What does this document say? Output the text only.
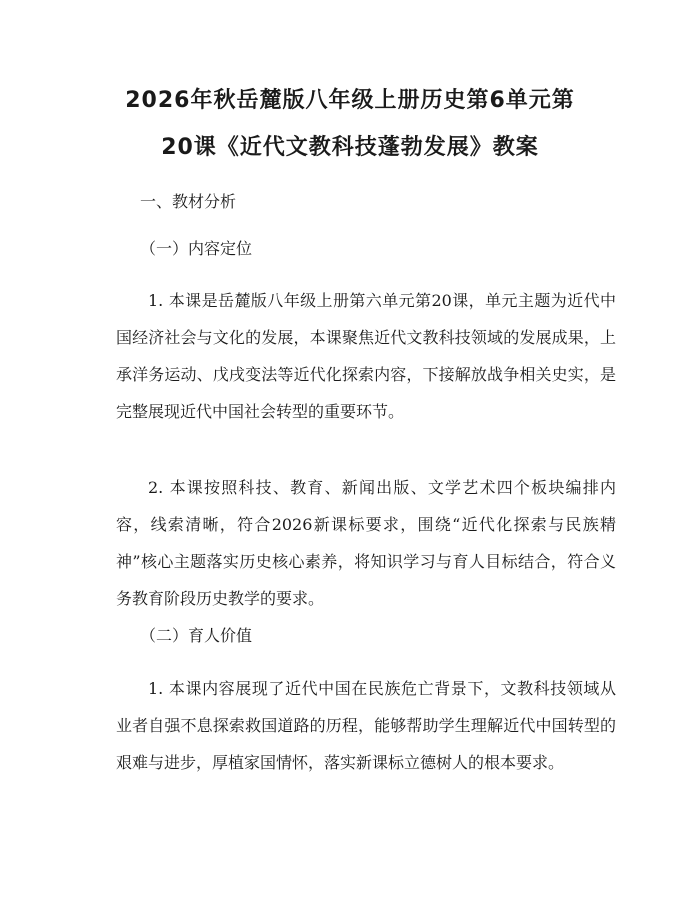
2026年秋岳麓版八年级上册历史第6单元第
20课《近代文教科技蓬勃发展》教案
一、教材分析
（一）内容定位

1. 本课是岳麓版八年级上册第六单元第20课，单元主题为近代中国经济社会与文化的发展，本课聚焦近代文教科技领域的发展成果，上承洋务运动、戊戌变法等近代化探索内容，下接解放战争相关史实，是完整展现近代中国社会转型的重要环节。

2. 本课按照科技、教育、新闻出版、文学艺术四个板块编排内容，线索清晰，符合2026新课标要求，围绕“近代化探索与民族精神”核心主题落实历史核心素养，将知识学习与育人目标结合，符合义务教育阶段历史教学的要求。

（二）育人价值

1. 本课内容展现了近代中国在民族危亡背景下，文教科技领域从业者自强不息探索救国道路的历程，能够帮助学生理解近代中国转型的艰难与进步，厚植家国情怀，落实新课标立德树人的根本要求。
